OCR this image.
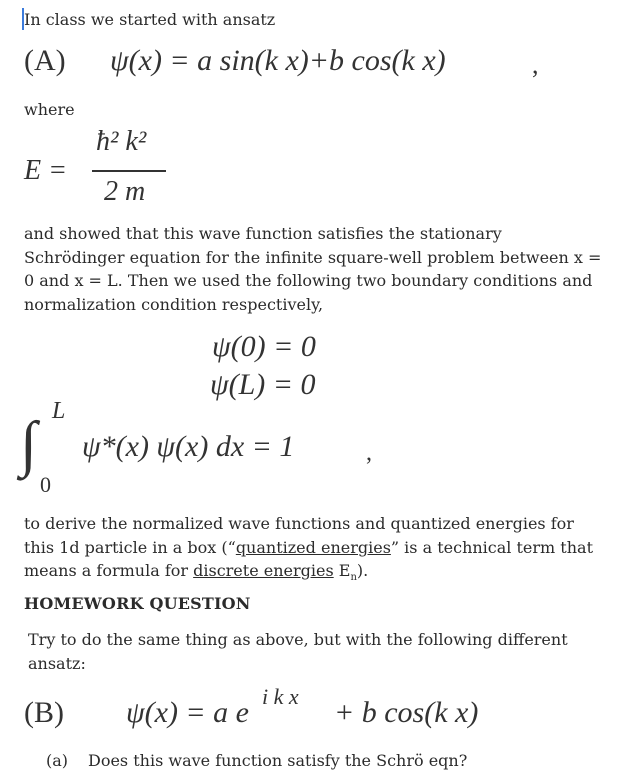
In class we started with ansatz
(A) ψ(x) = a sin(k x)+b cos(k x)	,
where
E =
ħ² k²
2 m
and showed that this wave function satisfies the stationary Schrödinger equation for the infinite square-well problem between x = 0 and x = L. Then we used the following two boundary conditions and normalization condition respectively,
ψ(0) = 0
ψ(L) = 0
∫ L
0
ψ*(x) ψ(x) dx = 1	,
to derive the normalized wave functions and quantized energies for this 1d particle in a box (“quantized energies” is a technical term that means a formula for discrete energies $E_n$).
HOMEWORK QUESTION
Try to do the same thing as above, but with the following different ansatz:
(B) ψ(x) = a e i k x + b cos(k x)
(a) Does this wave function satisfy the Schrö eqn?
